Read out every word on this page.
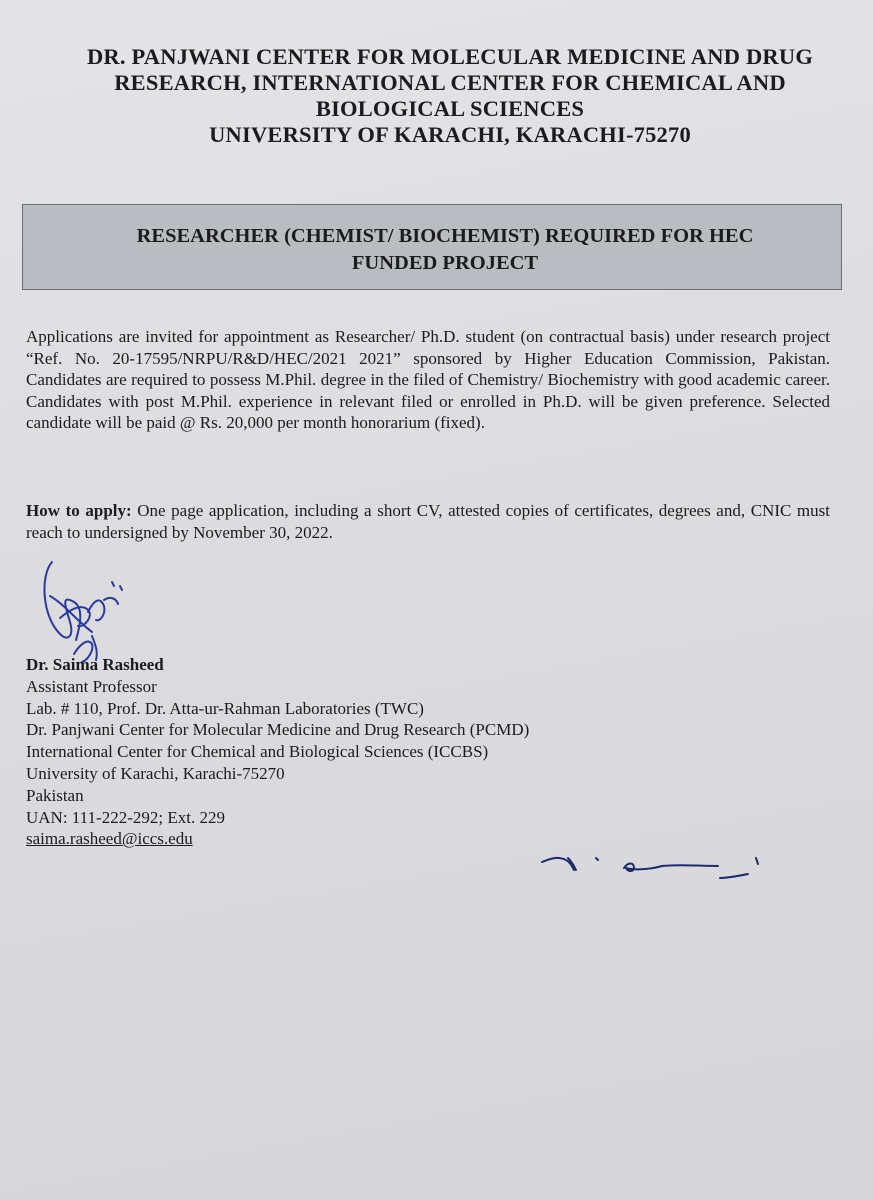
DR. PANJWANI CENTER FOR MOLECULAR MEDICINE AND DRUG
RESEARCH, INTERNATIONAL CENTER FOR CHEMICAL AND
BIOLOGICAL SCIENCES
UNIVERSITY OF KARACHI, KARACHI-75270
RESEARCHER (CHEMIST/ BIOCHEMIST) REQUIRED FOR HEC
FUNDED PROJECT
Applications are invited for appointment as Researcher/ Ph.D. student (on contractual basis) under research project “Ref. No. 20-17595/NRPU/R&D/HEC/2021 2021” sponsored by Higher Education Commission, Pakistan. Candidates are required to possess M.Phil. degree in the filed of Chemistry/ Biochemistry with good academic career. Candidates with post M.Phil. experience in relevant filed or enrolled in Ph.D. will be given preference. Selected candidate will be paid @ Rs. 20,000 per month honorarium (fixed).
How to apply: One page application, including a short CV, attested copies of certificates, degrees and, CNIC must reach to undersigned by November 30, 2022.
Dr. Saima Rasheed
Assistant Professor
Lab. # 110, Prof. Dr. Atta-ur-Rahman Laboratories (TWC)
Dr. Panjwani Center for Molecular Medicine and Drug Research (PCMD)
International Center for Chemical and Biological Sciences (ICCBS)
University of Karachi, Karachi-75270
Pakistan
UAN: 111-222-292; Ext. 229
saima.rasheed@iccs.edu
